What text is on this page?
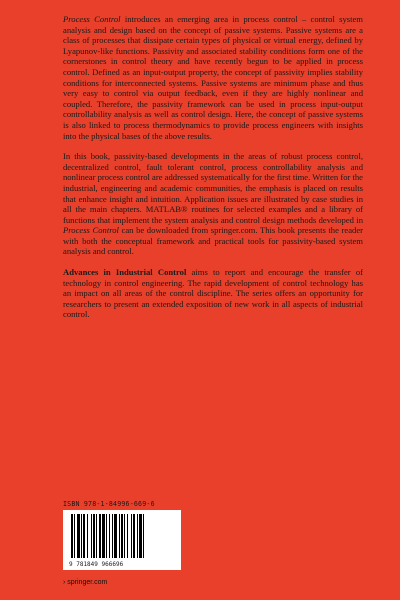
Process Control introduces an emerging area in process control – control system analysis and design based on the concept of passive systems. Passive systems are a class of processes that dissipate certain types of physical or virtual energy, defined by Lyapunov-like functions. Passivity and associated stability conditions form one of the cornerstones in control theory and have recently begun to be applied in process control. Defined as an input-output property, the concept of passivity implies stability conditions for interconnected systems. Passive systems are minimum phase and thus very easy to control via output feedback, even if they are highly nonlinear and coupled. Therefore, the passivity framework can be used in process input-output controllability analysis as well as control design. Here, the concept of passive systems is also linked to process thermodynamics to provide process engineers with insights into the physical bases of the above results.

In this book, passivity-based developments in the areas of robust process control, decentralized control, fault tolerant control, process controllability analysis and nonlinear process control are addressed systematically for the first time. Written for the industrial, engineering and academic communities, the emphasis is placed on results that enhance insight and intuition. Application issues are illustrated by case studies in all the main chapters. MATLAB® routines for selected examples and a library of functions that implement the system analysis and control design methods developed in Process Control can be downloaded from springer.com. This book presents the reader with both the conceptual framework and practical tools for passivity-based system analysis and control.

Advances in Industrial Control aims to report and encourage the transfer of technology in control engineering. The rapid development of control technology has an impact on all areas of the control discipline. The series offers an opportunity for researchers to present an extended exposition of new work in all aspects of industrial control.

ISBN 978-1-84996-669-6
9 781849 966696
› springer.com
